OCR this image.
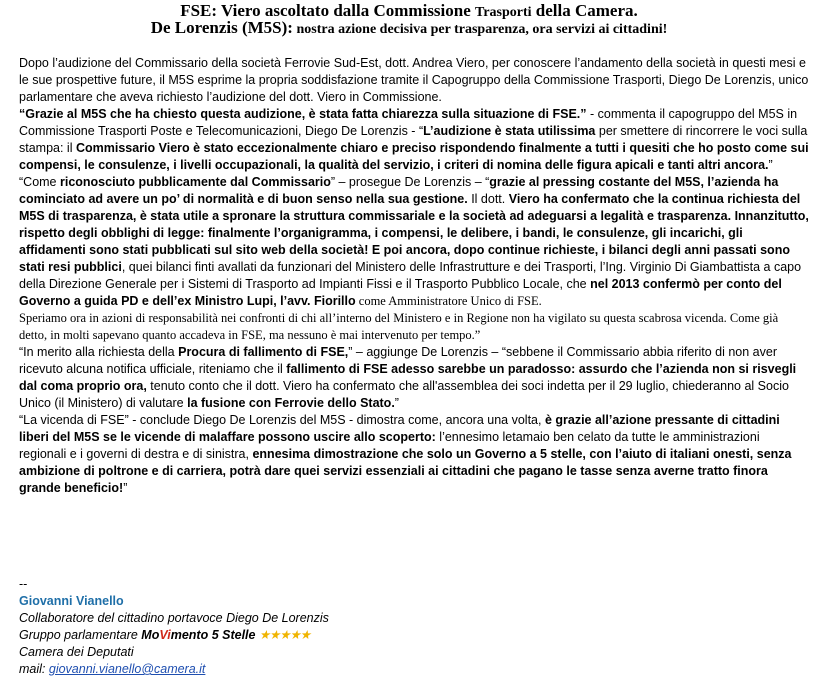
FSE: Viero ascoltato dalla Commissione Trasporti della Camera.
De Lorenzis (M5S): nostra azione decisiva per trasparenza, ora servizi ai cittadini!

Dopo l’audizione del Commissario della società Ferrovie Sud-Est, dott. Andrea Viero, per conoscere l’andamento della società in questi mesi e le sue prospettive future, il M5S esprime la propria soddisfazione tramite il Capogruppo della Commissione Trasporti, Diego De Lorenzis, unico parlamentare che aveva richiesto l’audizione del dott. Viero in Commissione.

“Grazie al M5S che ha chiesto questa audizione, è stata fatta chiarezza sulla situazione di FSE.” - commenta il capogruppo del M5S in Commissione Trasporti Poste e Telecomunicazioni, Diego De Lorenzis - “L’audizione è stata utilissima per smettere di rincorrere le voci sulla stampa: il Commissario Viero è stato eccezionalmente chiaro e preciso rispondendo finalmente a tutti i quesiti che ho posto come sui compensi, le consulenze, i livelli occupazionali, la qualità del servizio, i criteri di nomina delle figura apicali e tanti altri ancora.”

“Come riconosciuto pubblicamente dal Commissario” – prosegue De Lorenzis – “grazie al pressing costante del M5S, l’azienda ha cominciato ad avere un po’ di normalità e di buon senso nella sua gestione. Il dott. Viero ha confermato che la continua richiesta del M5S di trasparenza, è stata utile a spronare la struttura commissariale e la società ad adeguarsi a legalità e trasparenza. Innanzitutto, rispetto degli obblighi di legge: finalmente l’organigramma, i compensi, le delibere, i bandi, le consulenze, gli incarichi, gli affidamenti sono stati pubblicati sul sito web della società! E poi ancora, dopo continue richieste, i bilanci degli anni passati sono stati resi pubblici, quei bilanci finti avallati da funzionari del Ministero delle Infrastrutture e dei Trasporti, l’Ing. Virginio Di Giambattista a capo della Direzione Generale per i Sistemi di Trasporto ad Impianti Fissi e il Trasporto Pubblico Locale, che nel 2013 confermò per conto del Governo a guida PD e dell’ex Ministro Lupi, l’avv. Fiorillo come Amministratore Unico di FSE.

Speriamo ora in azioni di responsabilità nei confronti di chi all’interno del Ministero e in Regione non ha vigilato su questa scabrosa vicenda. Come già detto, in molti sapevano quanto accadeva in FSE, ma nessuno è mai intervenuto per tempo.”

“In merito alla richiesta della Procura di fallimento di FSE,” – aggiunge De Lorenzis – “sebbene il Commissario abbia riferito di non aver ricevuto alcuna notifica ufficiale, riteniamo che il fallimento di FSE adesso sarebbe un paradosso: assurdo che l’azienda non si risvegli dal coma proprio ora, tenuto conto che il dott. Viero ha confermato che all'assemblea dei soci indetta per il 29 luglio, chiederanno al Socio Unico (il Ministero) di valutare la fusione con Ferrovie dello Stato.”

“La vicenda di FSE” - conclude Diego De Lorenzis del M5S - dimostra come, ancora una volta, è grazie all’azione pressante di cittadini liberi del M5S se le vicende di malaffare possono uscire allo scoperto: l’ennesimo letamaio ben celato da tutte le amministrazioni regionali e i governi di destra e di sinistra, ennesima dimostrazione che solo un Governo a 5 stelle, con l’aiuto di italiani onesti, senza ambizione di poltrone e di carriera, potrà dare quei servizi essenziali ai cittadini che pagano le tasse senza averne tratto finora grande beneficio!”

--

Giovanni Vianello

Collaboratore del cittadino portavoce Diego De Lorenzis

Gruppo parlamentare MoVimento 5 Stelle ★★★★★

Camera dei Deputati

mail: giovanni.vianello@camera.it
